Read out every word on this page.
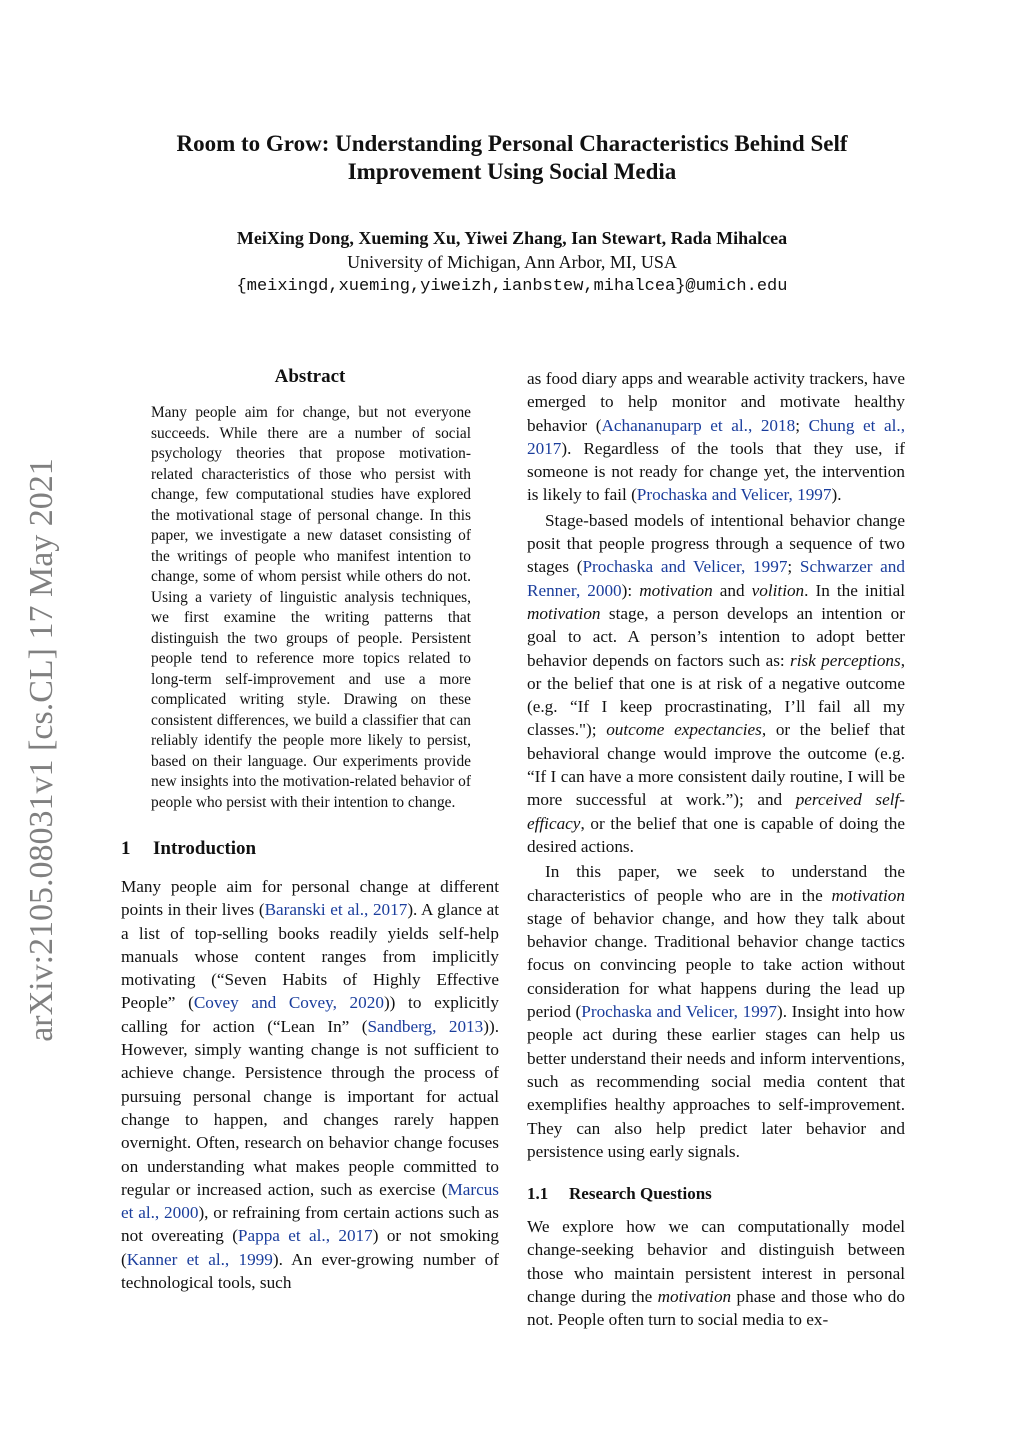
Room to Grow: Understanding Personal Characteristics Behind Self Improvement Using Social Media
MeiXing Dong, Xueming Xu, Yiwei Zhang, Ian Stewart, Rada Mihalcea
University of Michigan, Ann Arbor, MI, USA
{meixingd,xueming,yiweizh,ianbstew,mihalcea}@umich.edu
arXiv:2105.08031v1 [cs.CL] 17 May 2021
Abstract
Many people aim for change, but not everyone succeeds. While there are a number of social psychology theories that propose motivation-related characteristics of those who persist with change, few computational studies have explored the motivational stage of personal change. In this paper, we investigate a new dataset consisting of the writings of people who manifest intention to change, some of whom persist while others do not. Using a variety of linguistic analysis techniques, we first examine the writing patterns that distinguish the two groups of people. Persistent people tend to reference more topics related to long-term self-improvement and use a more complicated writing style. Drawing on these consistent differences, we build a classifier that can reliably identify the people more likely to persist, based on their language. Our experiments provide new insights into the motivation-related behavior of people who persist with their intention to change.
1 Introduction

Many people aim for personal change at different points in their lives (Baranski et al., 2017). A glance at a list of top-selling books readily yields self-help manuals whose content ranges from implicitly motivating (“Seven Habits of Highly Effective People” (Covey and Covey, 2020)) to explicitly calling for action (“Lean In” (Sandberg, 2013)). However, simply wanting change is not sufficient to achieve change. Persistence through the process of pursuing personal change is important for actual change to happen, and changes rarely happen overnight. Often, research on behavior change focuses on understanding what makes people committed to regular or increased action, such as exercise (Marcus et al., 2000), or refraining from certain actions such as not overeating (Pappa et al., 2017) or not smoking (Kanner et al., 1999). An ever-growing number of technological tools, such

as food diary apps and wearable activity trackers, have emerged to help monitor and motivate healthy behavior (Achananuparp et al., 2018; Chung et al., 2017). Regardless of the tools that they use, if someone is not ready for change yet, the intervention is likely to fail (Prochaska and Velicer, 1997).

Stage-based models of intentional behavior change posit that people progress through a sequence of two stages (Prochaska and Velicer, 1997; Schwarzer and Renner, 2000): motivation and volition. In the initial motivation stage, a person develops an intention or goal to act. A person’s intention to adopt better behavior depends on factors such as: risk perceptions, or the belief that one is at risk of a negative outcome (e.g. “If I keep procrastinating, I’ll fail all my classes."); outcome expectancies, or the belief that behavioral change would improve the outcome (e.g. “If I can have a more consistent daily routine, I will be more successful at work.”); and perceived self-efficacy, or the belief that one is capable of doing the desired actions.

In this paper, we seek to understand the characteristics of people who are in the motivation stage of behavior change, and how they talk about behavior change. Traditional behavior change tactics focus on convincing people to take action without consideration for what happens during the lead up period (Prochaska and Velicer, 1997). Insight into how people act during these earlier stages can help us better understand their needs and inform interventions, such as recommending social media content that exemplifies healthy approaches to self-improvement. They can also help predict later behavior and persistence using early signals.

1.1 Research Questions

We explore how we can computationally model change-seeking behavior and distinguish between those who maintain persistent interest in personal change during the motivation phase and those who do not. People often turn to social media to ex-
